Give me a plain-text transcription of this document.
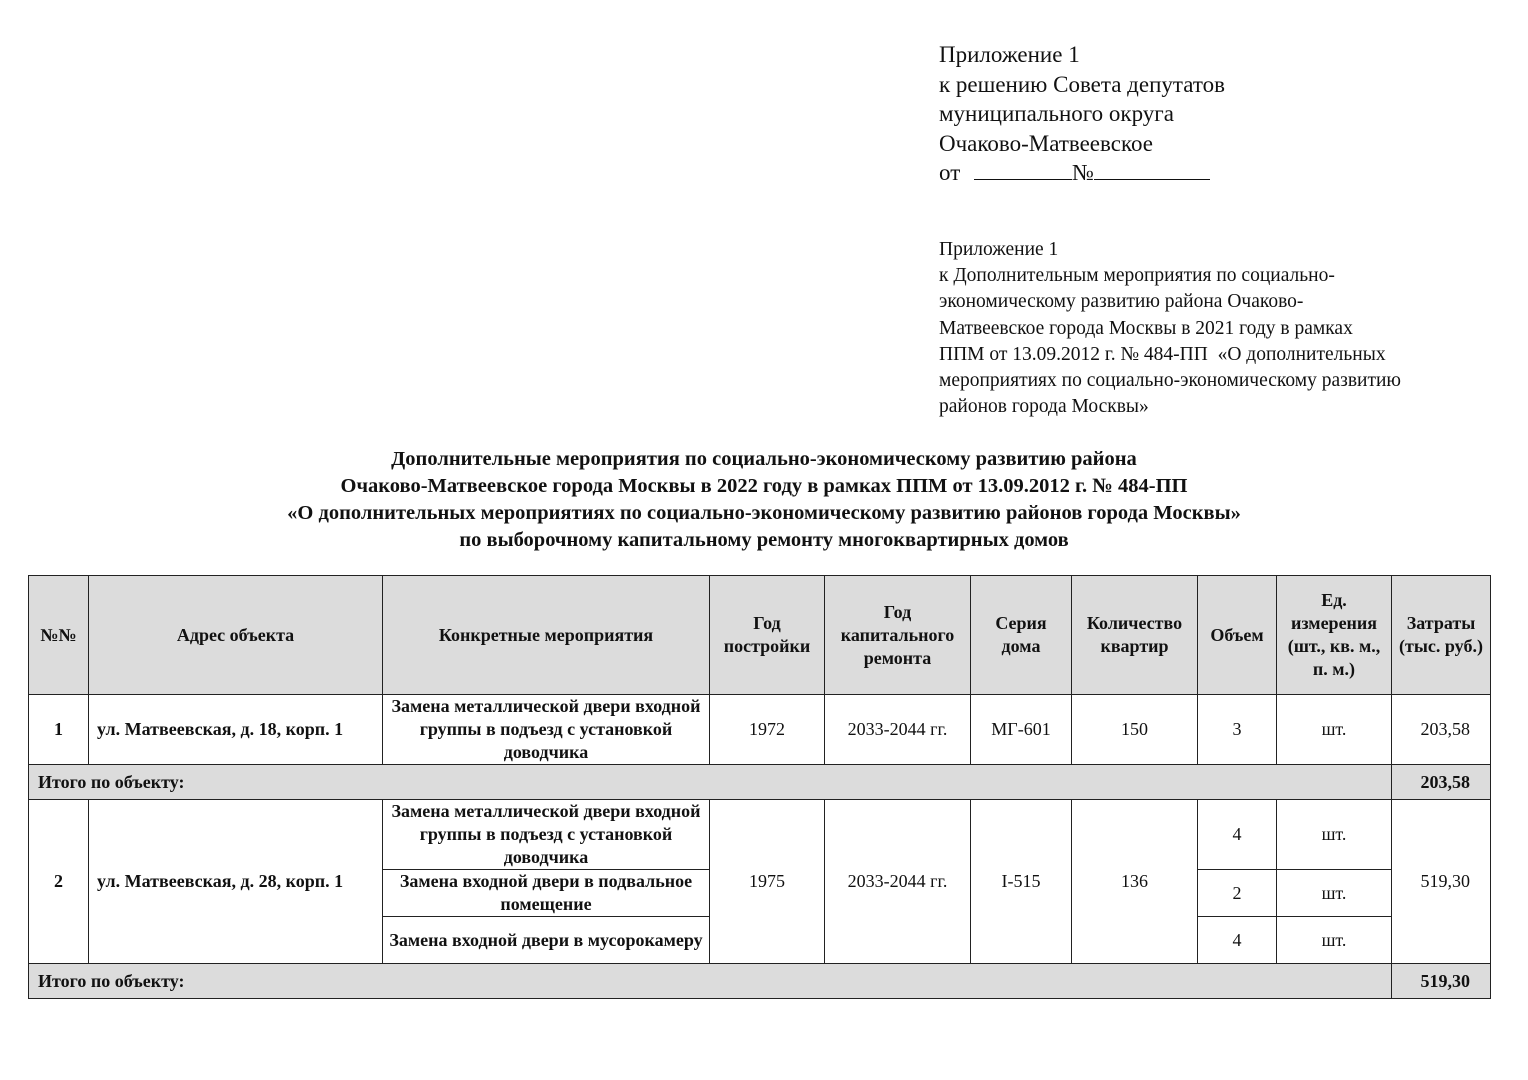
Приложение 1
к решению Совета депутатов
муниципального округа
Очаково-Матвеевское
от	№
Приложение 1
к Дополнительным мероприятия по социально-
экономическому развитию района Очаково-
Матвеевское города Москвы в 2021 году в рамках
ППМ от 13.09.2012 г. № 484-ПП  «О дополнительных
мероприятиях по социально-экономическому развитию
районов города Москвы»
Дополнительные мероприятия по социально-экономическому развитию района
Очаково-Матвеевское города Москвы в 2022 году в рамках ППМ от 13.09.2012 г. № 484-ПП
«О дополнительных мероприятиях по социально-экономическому развитию районов города Москвы»
по выборочному капитальному ремонту многоквартирных домов
№№	Адрес объекта	Конкретные мероприятия	Год постройки	Год капитального ремонта	Серия дома	Количество квартир	Объем	Ед. измерения (шт., кв. м., п. м.)	Затраты (тыс. руб.)
1	ул. Матвеевская, д. 18, корп. 1	Замена металлической двери входной группы в подъезд с установкой доводчика	1972	2033-2044 гг.	МГ-601	150	3	шт.	203,58
Итого по объекту:									203,58
2	ул. Матвеевская, д. 28, корп. 1	Замена металлической двери входной группы в подъезд с установкой доводчика	1975	2033-2044 гг.	I-515	136	4	шт.	519,30
		Замена входной двери в подвальное помещение					2	шт.	
		Замена входной двери в мусорокамеру					4	шт.	
Итого по объекту:									519,30
